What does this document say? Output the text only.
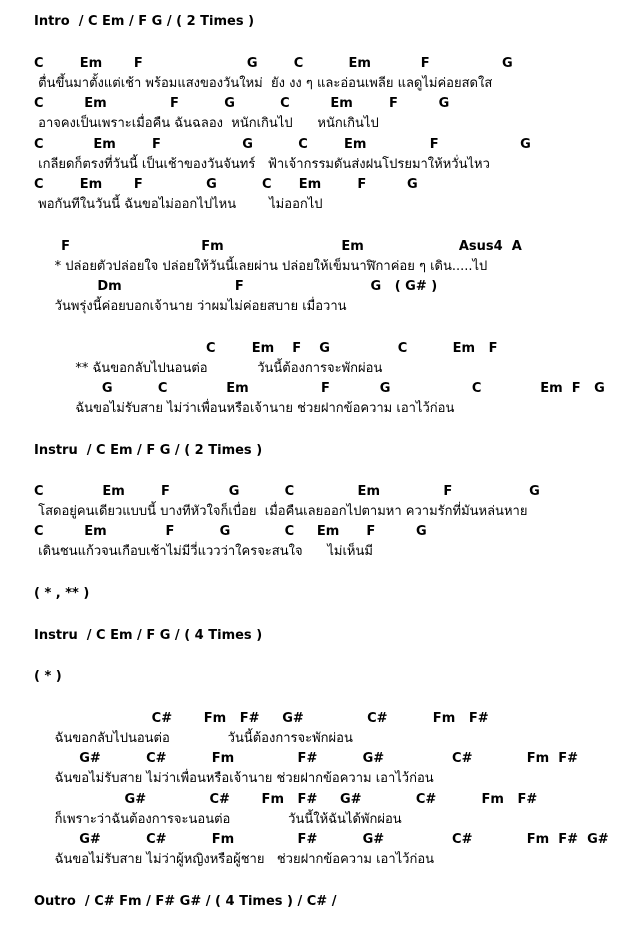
Intro  / C Em / F G / ( 2 Times )
C        Em       F                       G        C          Em           F                G
ตื่นขึ้นมาตั้งแต่เช้า พร้อมแสงของวันใหม่  ยัง งง ๆ และอ่อนเพลีย แลดูไม่ค่อยสดใส
C         Em              F          G          C         Em        F         G
อาจคงเป็นเพราะเมื่อคืน ฉันฉลอง  หนักเกินไป      หนักเกินไป
C           Em        F                  G          C        Em              F                  G
เกลียดก็ตรงที่วันนี้ เป็นเช้าของวันจันทร์   ฟ้าเจ้ากรรมดันส่งฝนโปรยมาให้หวั่นไหว
C        Em       F              G          C      Em        F         G
พอกันทีในวันนี้ ฉันขอไม่ออกไปไหน        ไม่ออกไป
F                             Fm                          Em                     Asus4  A
* ปล่อยตัวปล่อยใจ ปล่อยให้วันนี้เลยผ่าน ปล่อยให้เข็มนาฬิกาค่อย ๆ เดิน.....ไป
Dm                         F                            G   ( G# )
วันพรุ่งนี้ค่อยบอกเจ้านาย ว่าผมไม่ค่อยสบาย เมื่อวาน
C        Em    F    G               C          Em   F
** ฉันขอกลับไปนอนต่อ            วันนี้ต้องการจะพักผ่อน
G          C             Em                F           G                  C             Em  F   G
ฉันขอไม่รับสาย ไม่ว่าเพื่อนหรือเจ้านาย ช่วยฝากข้อความ เอาไว้ก่อน
Instru  / C Em / F G / ( 2 Times )
C             Em        F             G          C              Em              F                 G
โสดอยู่คนเดียวแบบนี้ บางทีหัวใจก็เบื่อย  เมื่อคืนเลยออกไปตามหา ความรักที่มันหล่นหาย
C         Em             F          G            C     Em      F         G
เดินชนแก้วจนเกือบเช้าไม่มีวี่แววว่าใครจะสนใจ      ไม่เห็นมี
( * , ** )
Instru  / C Em / F G / ( 4 Times )
( * )
C#       Fm   F#     G#              C#          Fm   F#
ฉันขอกลับไปนอนต่อ              วันนี้ต้องการจะพักผ่อน
G#          C#          Fm              F#          G#               C#            Fm  F#
ฉันขอไม่รับสาย ไม่ว่าเพื่อนหรือเจ้านาย ช่วยฝากข้อความ เอาไว้ก่อน
G#              C#       Fm   F#     G#            C#          Fm   F#
ก็เพราะว่าฉันต้องการจะนอนต่อ              วันนี้ให้ฉันได้พักผ่อน
G#          C#          Fm              F#          G#               C#            Fm  F#  G#
ฉันขอไม่รับสาย ไม่ว่าผู้หญิงหรือผู้ชาย   ช่วยฝากข้อความ เอาไว้ก่อน
Outro  / C# Fm / F# G# / ( 4 Times ) / C# /
